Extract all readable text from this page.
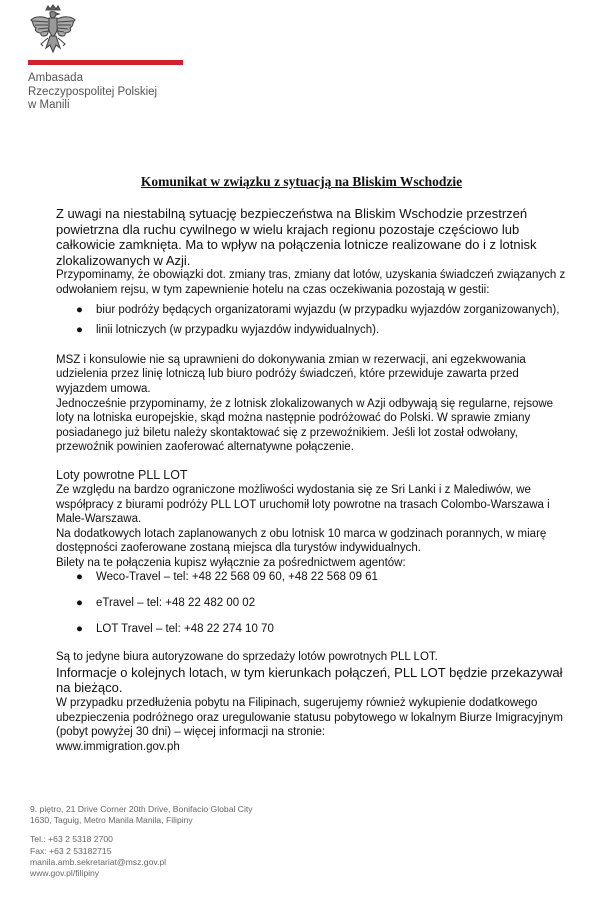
Ambasada
Rzeczypospolitej Polskiej
w Manili
Komunikat w związku z sytuacją na Bliskim Wschodzie

Z uwagi na niestabilną sytuację bezpieczeństwa na Bliskim Wschodzie przestrzeń powietrzna dla ruchu cywilnego w wielu krajach regionu pozostaje częściowo lub całkowicie zamknięta. Ma to wpływ na połączenia lotnicze realizowane do i z lotnisk zlokalizowanych w Azji.

Przypominamy, że obowiązki dot. zmiany tras, zmiany dat lotów, uzyskania świadczeń związanych z odwołaniem rejsu, w tym zapewnienie hotelu na czas oczekiwania pozostają w gestii:

● biur podróży będących organizatorami wyjazdu (w przypadku wyjazdów zorganizowanych),
● linii lotniczych (w przypadku wyjazdów indywidualnych).

MSZ i konsulowie nie są uprawnieni do dokonywania zmian w rezerwacji, ani egzekwowania udzielenia przez linię lotniczą lub biuro podróży świadczeń, które przewiduje zawarta przed wyjazdem umowa.

Jednocześnie przypominamy, że z lotnisk zlokalizowanych w Azji odbywają się regularne, rejsowe loty na lotniska europejskie, skąd można następnie podróżować do Polski. W sprawie zmiany posiadanego już biletu należy skontaktować się z przewoźnikiem. Jeśli lot został odwołany, przewoźnik powinien zaoferować alternatywne połączenie.

Loty powrotne PLL LOT

Ze względu na bardzo ograniczone możliwości wydostania się ze Sri Lanki i z Malediwów, we współpracy z biurami podróży PLL LOT uruchomił loty powrotne na trasach Colombo-Warszawa i Male-Warszawa.

Na dodatkowych lotach zaplanowanych z obu lotnisk 10 marca w godzinach porannych, w miarę dostępności zaoferowane zostaną miejsca dla turystów indywidualnych.

Bilety na te połączenia kupisz wyłącznie za pośrednictwem agentów:

● Weco-Travel – tel: +48 22 568 09 60, +48 22 568 09 61
● eTravel – tel: +48 22 482 00 02
● LOT Travel – tel: +48 22 274 10 70

Są to jedyne biura autoryzowane do sprzedaży lotów powrotnych PLL LOT.

Informacje o kolejnych lotach, w tym kierunkach połączeń, PLL LOT będzie przekazywał na bieżąco.

W przypadku przedłużenia pobytu na Filipinach, sugerujemy również wykupienie dodatkowego ubezpieczenia podróżnego oraz uregulowanie statusu pobytowego w lokalnym Biurze Imigracyjnym (pobyt powyżej 30 dni) – więcej informacji na stronie:

www.immigration.gov.ph

9. piętro, 21 Drive Corner 20th Drive, Bonifacio Global City
1630, Taguig, Metro Manila Manila, Filipiny
Tel.: +63 2 5318 2700
Fax: +63 2 53182715
manila.amb.sekretariat@msz.gov.pl
www.gov.pl/filipiny
